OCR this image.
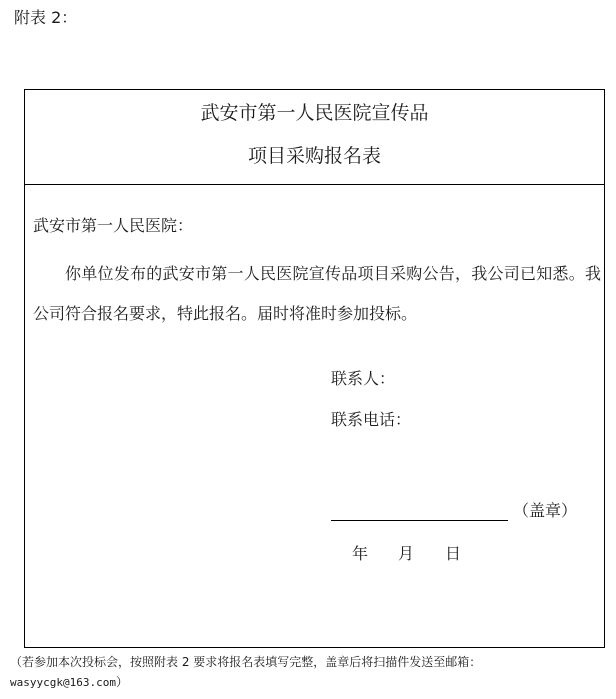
附表 2：
武安市第一人民医院宣传品
项目采购报名表
武安市第一人民医院：

你单位发布的武安市第一人民医院宣传品项目采购公告，我公司已知悉。我公司符合报名要求，特此报名。届时将准时参加投标。

联系人：
联系电话：
（盖章）
年 月 日

（若参加本次投标会，按照附表 2 要求将报名表填写完整，盖章后将扫描件发送至邮箱：
wasyycgk@163.com）
